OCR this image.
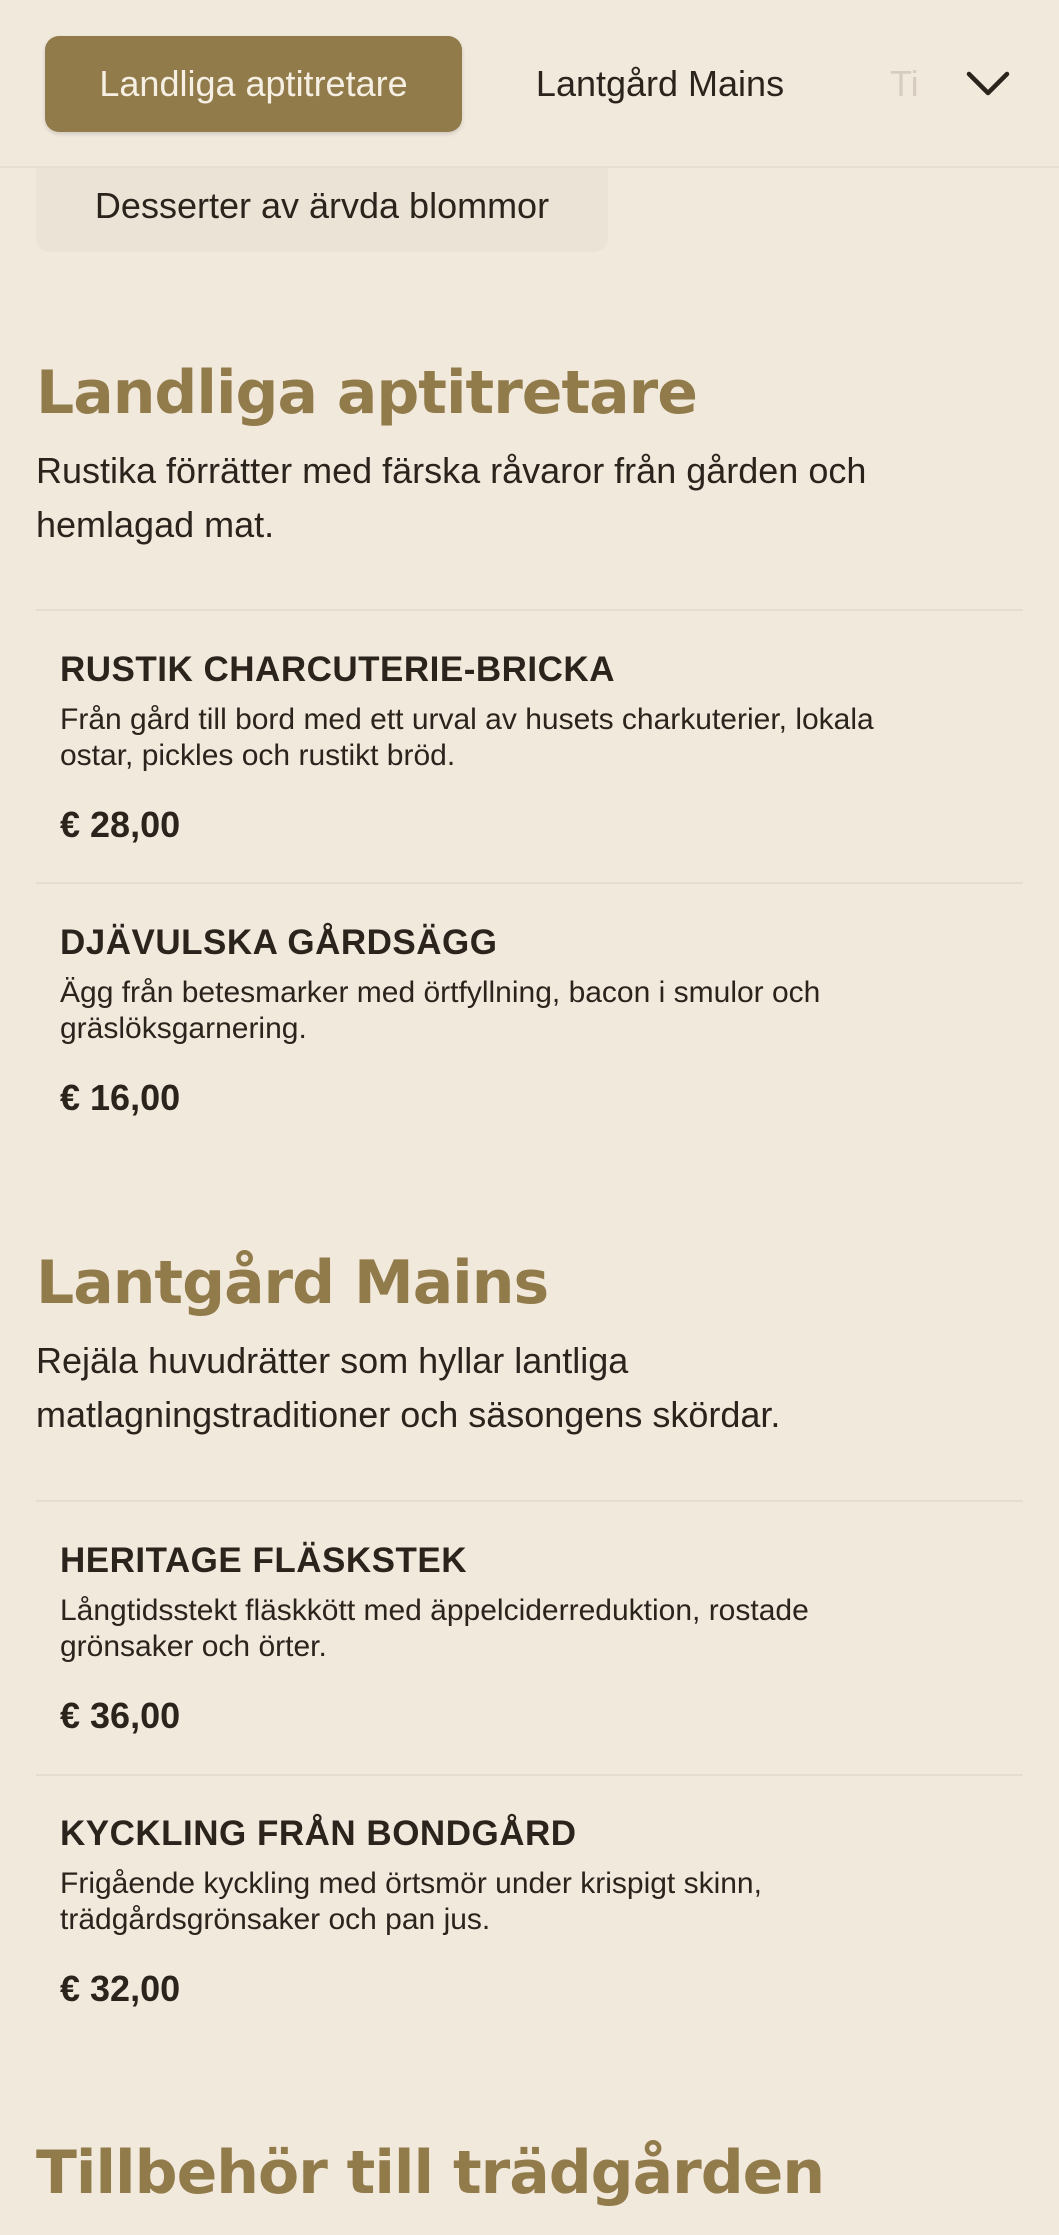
Desserter av ärvda blommor
Landliga aptitretare	Lantgård Mains	Ti
Landliga aptitretare

Rustika förrätter med färska råvaror från gården och
hemlagad mat.

RUSTIK CHARCUTERIE-BRICKA
Från gård till bord med ett urval av husets charkuterier, lokala
ostar, pickles och rustikt bröd.
€ 28,00
DJÄVULSKA GÅRDSÄGG
Ägg från betesmarker med örtfyllning, bacon i smulor och
gräslöksgarnering.
€ 16,00
Lantgård Mains

Rejäla huvudrätter som hyllar lantliga
matlagningstraditioner och säsongens skördar.

HERITAGE FLÄSKSTEK
Långtidsstekt fläskkött med äppelciderreduktion, rostade
grönsaker och örter.
€ 36,00
KYCKLING FRÅN BONDGÅRD
Frigående kyckling med örtsmör under krispigt skinn,
trädgårdsgrönsaker och pan jus.
€ 32,00
Tillbehör till trädgården
